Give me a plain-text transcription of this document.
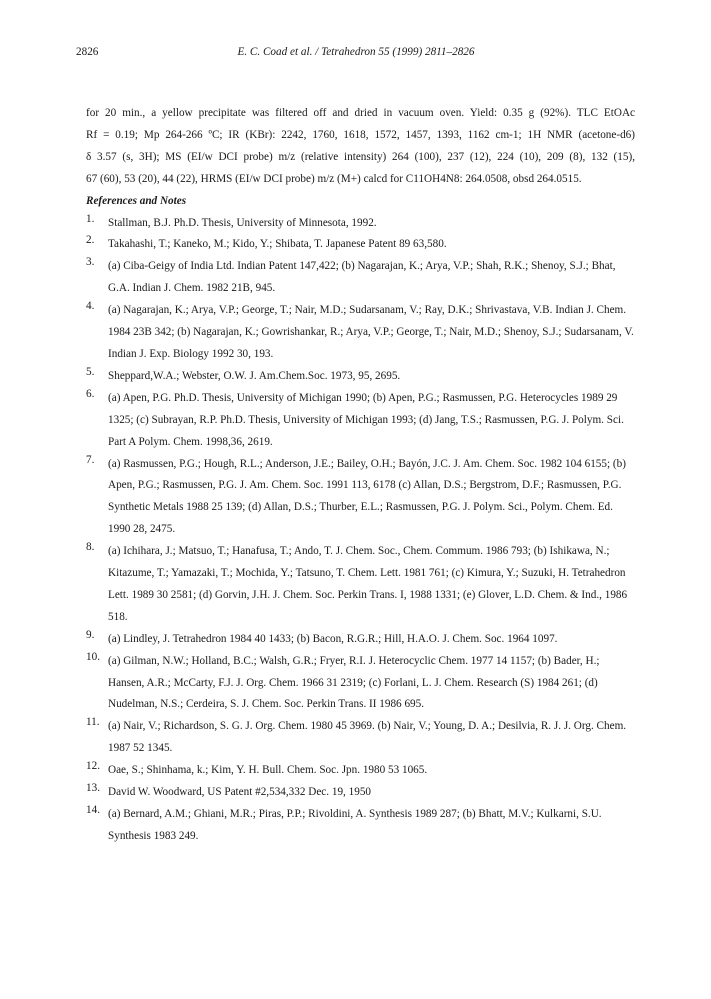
2826	E. C. Coad et al. / Tetrahedron 55 (1999) 2811–2826
for 20 min., a yellow precipitate was filtered off and dried in vacuum oven. Yield: 0.35 g (92%). TLC EtOAc
Rf = 0.19; Mp 264-266 ºC; IR (KBr): 2242, 1760, 1618, 1572, 1457, 1393, 1162 cm-1; 1H NMR (acetone-d6)
δ 3.57 (s, 3H); MS (EI/w DCI probe) m/z (relative intensity) 264 (100), 237 (12), 224 (10), 209 (8), 132 (15),
67 (60), 53 (20), 44 (22), HRMS (EI/w DCI probe) m/z (M+) calcd for C11OH4N8: 264.0508, obsd 264.0515.
References and Notes
1. Stallman, B.J. Ph.D. Thesis, University of Minnesota, 1992.
2. Takahashi, T.; Kaneko, M.; Kido, Y.; Shibata, T. Japanese Patent 89 63,580.
3. (a) Ciba-Geigy of India Ltd. Indian Patent 147,422; (b) Nagarajan, K.; Arya, V.P.; Shah, R.K.; Shenoy, S.J.; Bhat, G.A. Indian J. Chem. 1982 21B, 945.
4. (a) Nagarajan, K.; Arya, V.P.; George, T.; Nair, M.D.; Sudarsanam, V.; Ray, D.K.; Shrivastava, V.B. Indian J. Chem. 1984 23B 342; (b) Nagarajan, K.; Gowrishankar, R.; Arya, V.P.; George, T.; Nair, M.D.; Shenoy, S.J.; Sudarsanam, V. Indian J. Exp. Biology 1992 30, 193.
5. Sheppard,W.A.; Webster, O.W. J. Am.Chem.Soc. 1973, 95, 2695.
6. (a) Apen, P.G. Ph.D. Thesis, University of Michigan 1990; (b) Apen, P.G.; Rasmussen, P.G. Heterocycles 1989 29 1325; (c) Subrayan, R.P. Ph.D. Thesis, University of Michigan 1993; (d) Jang, T.S.; Rasmussen, P.G. J. Polym. Sci. Part A Polym. Chem. 1998,36, 2619.
7. (a) Rasmussen, P.G.; Hough, R.L.; Anderson, J.E.; Bailey, O.H.; Bayón, J.C. J. Am. Chem. Soc. 1982 104 6155; (b) Apen, P.G.; Rasmussen, P.G. J. Am. Chem. Soc. 1991 113, 6178 (c) Allan, D.S.; Bergstrom, D.F.; Rasmussen, P.G. Synthetic Metals 1988 25 139; (d) Allan, D.S.; Thurber, E.L.; Rasmussen, P.G. J. Polym. Sci., Polym. Chem. Ed. 1990 28, 2475.
8. (a) Ichihara, J.; Matsuo, T.; Hanafusa, T.; Ando, T. J. Chem. Soc., Chem. Commum. 1986 793; (b) Ishikawa, N.; Kitazume, T.; Yamazaki, T.; Mochida, Y.; Tatsuno, T. Chem. Lett. 1981 761; (c) Kimura, Y.; Suzuki, H. Tetrahedron Lett. 1989 30 2581; (d) Gorvin, J.H. J. Chem. Soc. Perkin Trans. I, 1988 1331; (e) Glover, L.D. Chem. & Ind., 1986 518.
9. (a) Lindley, J. Tetrahedron 1984 40 1433; (b) Bacon, R.G.R.; Hill, H.A.O. J. Chem. Soc. 1964 1097.
10. (a) Gilman, N.W.; Holland, B.C.; Walsh, G.R.; Fryer, R.I. J. Heterocyclic Chem. 1977 14 1157; (b) Bader, H.; Hansen, A.R.; McCarty, F.J. J. Org. Chem. 1966 31 2319; (c) Forlani, L. J. Chem. Research (S) 1984 261; (d) Nudelman, N.S.; Cerdeira, S. J. Chem. Soc. Perkin Trans. II 1986 695.
11. (a) Nair, V.; Richardson, S. G. J. Org. Chem. 1980 45 3969. (b) Nair, V.; Young, D. A.; Desilvia, R. J. J. Org. Chem. 1987 52 1345.
12. Oae, S.; Shinhama, k.; Kim, Y. H. Bull. Chem. Soc. Jpn. 1980 53 1065.
13. David W. Woodward, US Patent #2,534,332 Dec. 19, 1950
14. (a) Bernard, A.M.; Ghiani, M.R.; Piras, P.P.; Rivoldini, A. Synthesis 1989 287; (b) Bhatt, M.V.; Kulkarni, S.U. Synthesis 1983 249.
